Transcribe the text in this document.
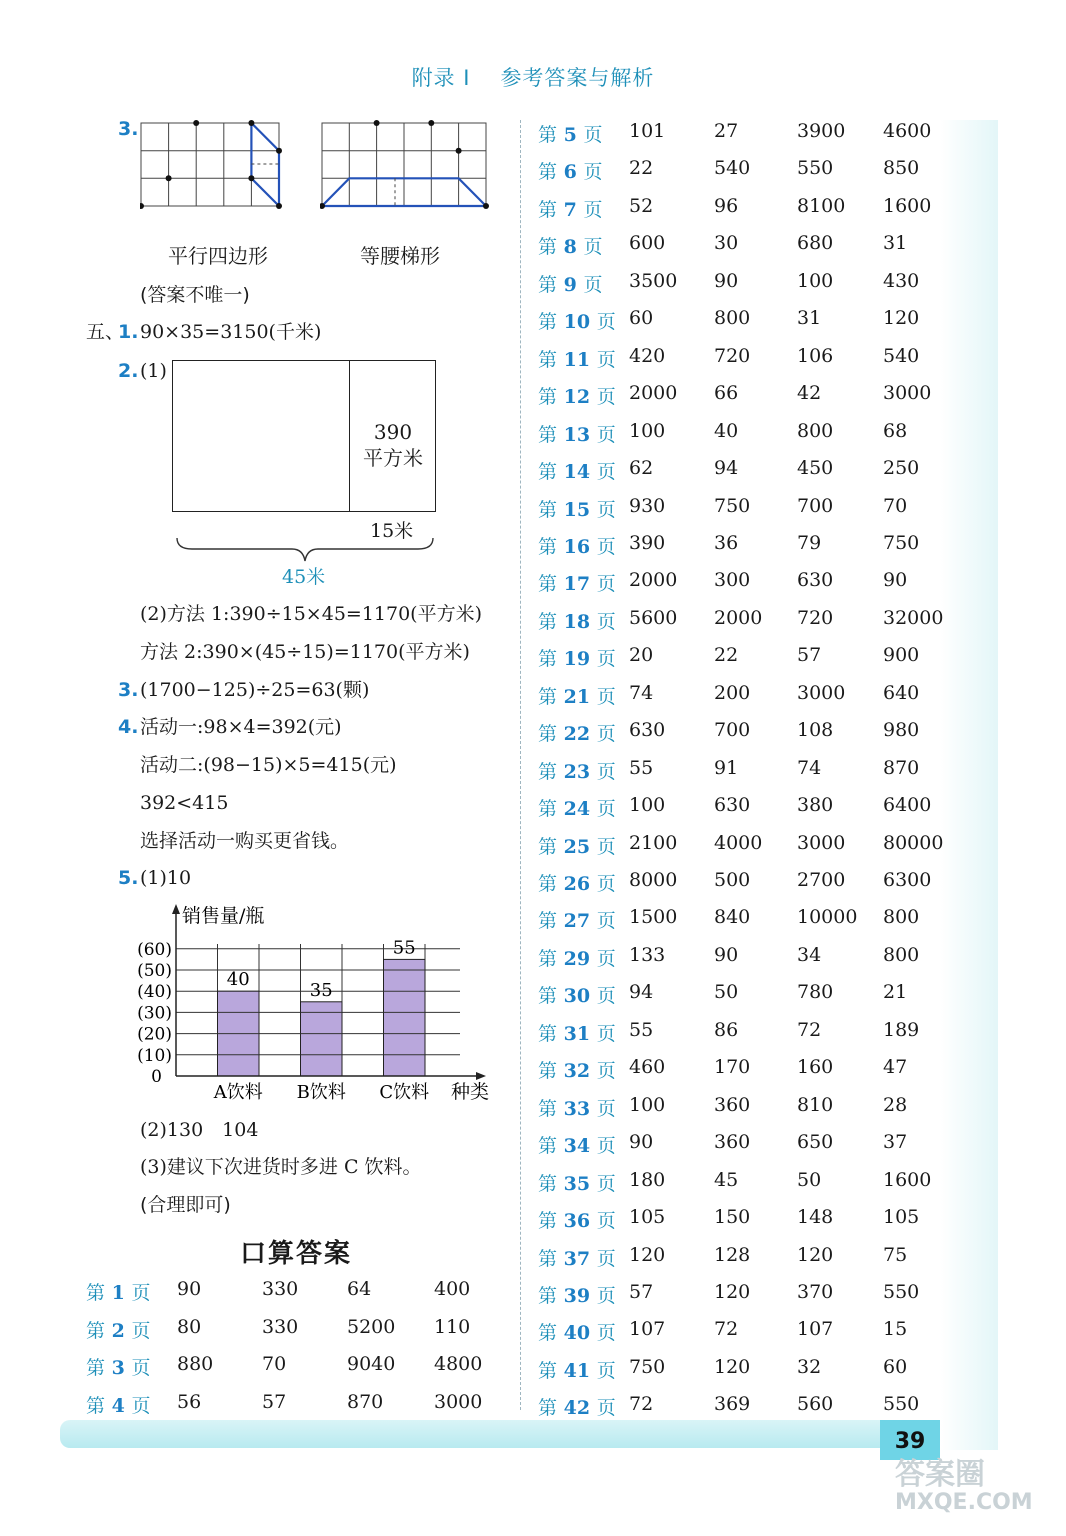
附录 I 参考答案与解析
3.
平行四边形	等腰梯形
(答案不唯一)
五、
1. 90×35=3150(千米)
2. (1)
390
平方米
15米
45米
(2)方法 1:390÷15×45=1170(平方米)
方法 2:390×(45÷15)=1170(平方米)
3. (1700−125)÷25=63(颗)
4. 活动一:98×4=392(元)
活动二:(98−15)×5=415(元)
392<415
选择活动一购买更省钱。
5. (1)10
40
35
55
(10)
(20)
(30)
(40)
(50)
(60)
0
销售量/瓶
A饮料 B饮料 C饮料 种类
(2)130　104
(3)建议下次进货时多进 C 饮料。
(合理即可)
口算答案
第 1 页 90	330	64	400
第 2 页 80	330	5200 110
第 3 页 880	70	9040 4800
第 4 页 56	57	870	3000
第 5 页 101	27	3900 4600
第 6 页 22	540 550	850
第 7 页 52	96	8100 1600
第 8 页 600	30	680	31
第 9 页 3500 90	100	430
第 10 页 60	800 31	120
第 11 页 420	720 106	540
第 12 页 2000 66	42	3000
第 13 页 100	40	800	68
第 14 页 62	94	450	250
第 15 页 930	750 700	70
第 16 页 390	36	79	750
第 17 页 2000 300 630	90
第 18 页 5600 2000 720	32000
第 19 页 20	22	57	900
第 21 页 74	200 3000 640
第 22 页 630	700 108	980
第 23 页 55	91	74	870
第 24 页 100	630 380	6400
第 25 页 2100 4000 3000 80000
第 26 页 8000 500 2700 6300
第 27 页 1500 840 10000 800
第 29 页 133	90	34	800
第 30 页 94	50	780	21
第 31 页 55	86	72	189
第 32 页 460	170 160	47
第 33 页 100	360 810	28
第 34 页 90	360 650	37
第 35 页 180	45	50	1600
第 36 页 105	150 148	105
第 37 页 120	128 120	75
第 39 页 57	120 370	550
第 40 页 107	72	107	15
第 41 页 750	120 32	60
第 42 页 72	369 560	550
39
答案圈
MXQE.COM
